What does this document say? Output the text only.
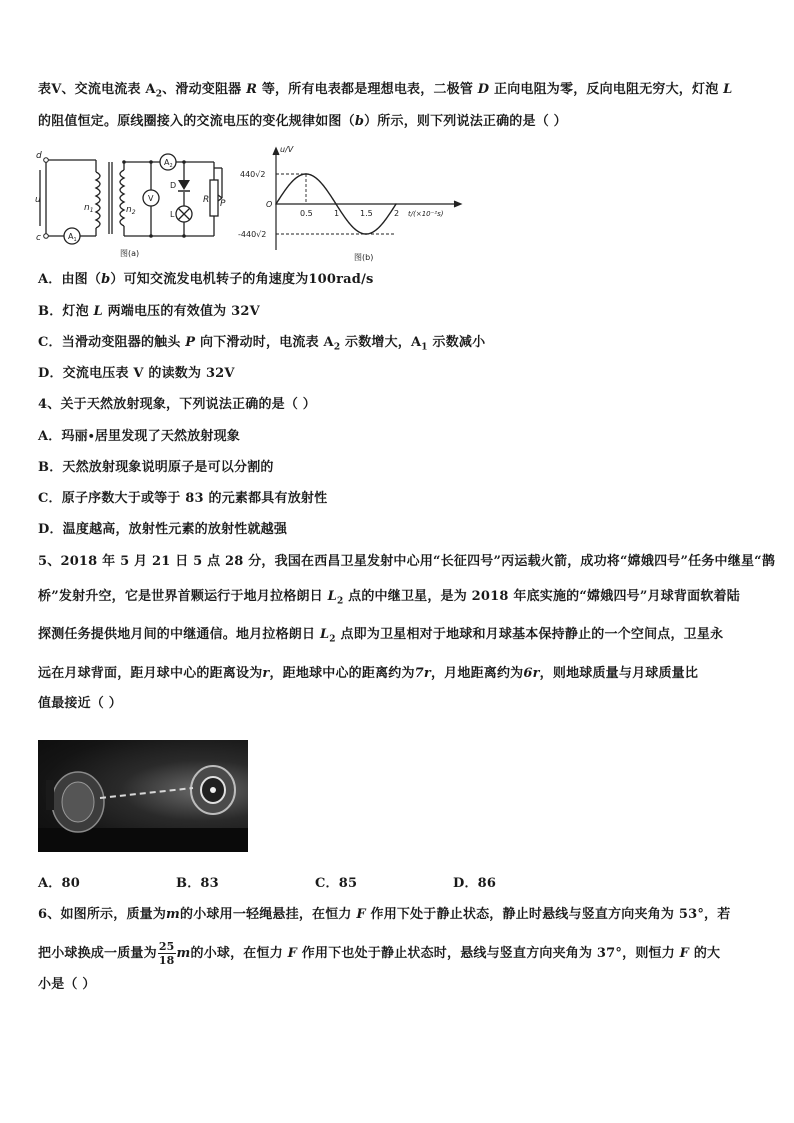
表V、交流电流表 $A_2$、滑动变阻器 R 等，所有电表都是理想电表，二极管 D 正向电阻为零，反向电阻无穷大，灯泡 L
的阻值恒定。原线圈接入的交流电压的变化规律如图（b）所示，则下列说法正确的是（ ）
d
c
u
$n_1$	$n_2$
R P
$A_1$
$A_2$
V
D
L
图(a)
u/V
t/(×10⁻²s)
O
440√2
-440√2
0.5	1	1.5	2
图(b)
A．由图（b）可知交流发电机转子的角速度为100rad/s
B．灯泡 L 两端电压的有效值为 32V
C．当滑动变阻器的触头 P 向下滑动时，电流表 $A_2$ 示数增大，$A_1$ 示数减小
D．交流电压表 V 的读数为 32V
4、关于天然放射现象，下列说法正确的是（ ）
A．玛丽∙居里发现了天然放射现象
B．天然放射现象说明原子是可以分割的
C．原子序数大于或等于 83 的元素都具有放射性
D．温度越高，放射性元素的放射性就越强
5、2018 年 5 月 21 日 5 点 28 分，我国在西昌卫星发射中心用“长征四号”丙运载火箭，成功将“嫦娥四号”任务中继星“鹊
桥”发射升空，它是世界首颗运行于地月拉格朗日 $L_2$ 点的中继卫星，是为 2018 年底实施的“嫦娥四号”月球背面软着陆
探测任务提供地月间的中继通信。地月拉格朗日 $L_2$ 点即为卫星相对于地球和月球基本保持静止的一个空间点，卫星永
远在月球背面，距月球中心的距离设为r，距地球中心的距离约为7r，月地距离约为6r，则地球质量与月球质量比
值最接近（ ）
A．80	B．83	C．85	D．86
6、如图所示，质量为m的小球用一轻绳悬挂，在恒力 F 作用下处于静止状态，静止时悬线与竖直方向夹角为 53°，若
把小球换成一质量为 $\frac{25}{18}$ m的小球，在恒力 F 作用下也处于静止状态时，悬线与竖直方向夹角为 37°，则恒力 F 的大
小是（ ）
